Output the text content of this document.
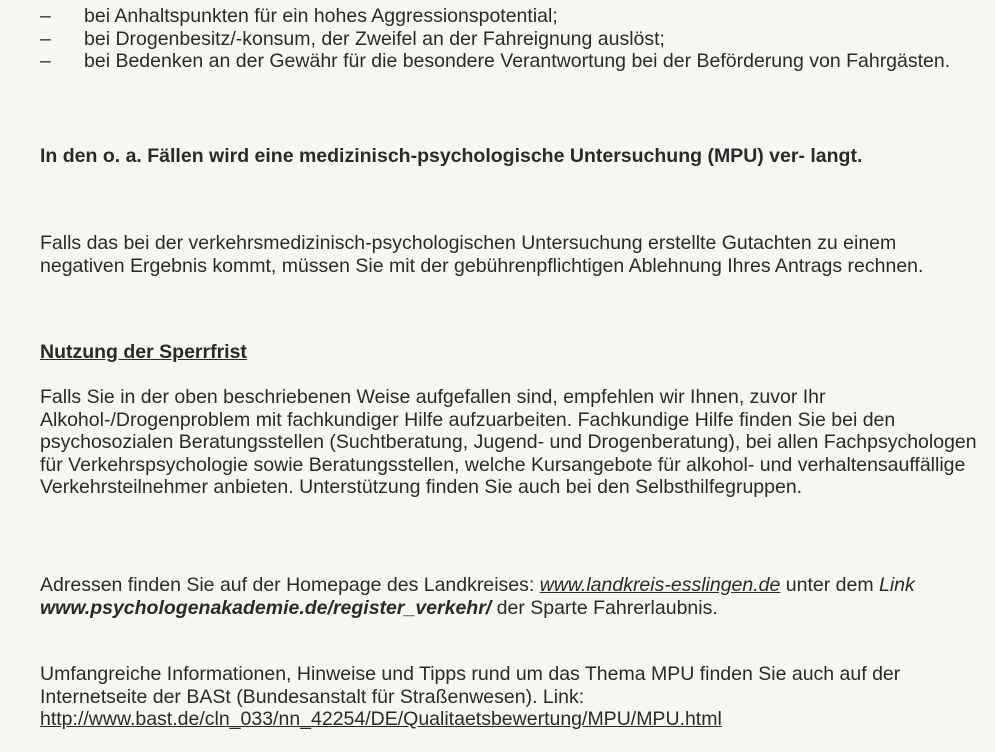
– bei Anhaltspunkten für ein hohes Aggressionspotential;
– bei Drogenbesitz/-konsum, der Zweifel an der Fahreignung auslöst;
– bei Bedenken an der Gewähr für die besondere Verantwortung bei der Beförderung von Fahrgästen.

In den o. a. Fällen wird eine medizinisch-psychologische Untersuchung (MPU) ver- langt.

Falls das bei der verkehrsmedizinisch-psychologischen Untersuchung erstellte Gutachten zu einem negativen Ergebnis kommt, müssen Sie mit der gebührenpflichtigen Ablehnung Ihres Antrags rechnen.

Nutzung der Sperrfrist

Falls Sie in der oben beschriebenen Weise aufgefallen sind, empfehlen wir Ihnen, zuvor Ihr Alkohol-/Drogenproblem mit fachkundiger Hilfe aufzuarbeiten. Fachkundige Hilfe finden Sie bei den psychosozialen Beratungsstellen (Suchtberatung, Jugend- und Drogenberatung), bei allen Fachpsychologen für Verkehrspsychologie sowie Beratungsstellen, welche Kursangebote für alkohol- und verhaltensauffällige Verkehrsteilnehmer anbieten. Unterstützung finden Sie auch bei den Selbsthilfegruppen.

Adressen finden Sie auf der Homepage des Landkreises: www.landkreis-esslingen.de unter dem Link www.psychologenakademie.de/register_verkehr/ der Sparte Fahrerlaubnis.

Umfangreiche Informationen, Hinweise und Tipps rund um das Thema MPU finden Sie auch auf der Internetseite der BASt (Bundesanstalt für Straßenwesen). Link:
http://www.bast.de/cln_033/nn_42254/DE/Qualitaetsbewertung/MPU/MPU.html
